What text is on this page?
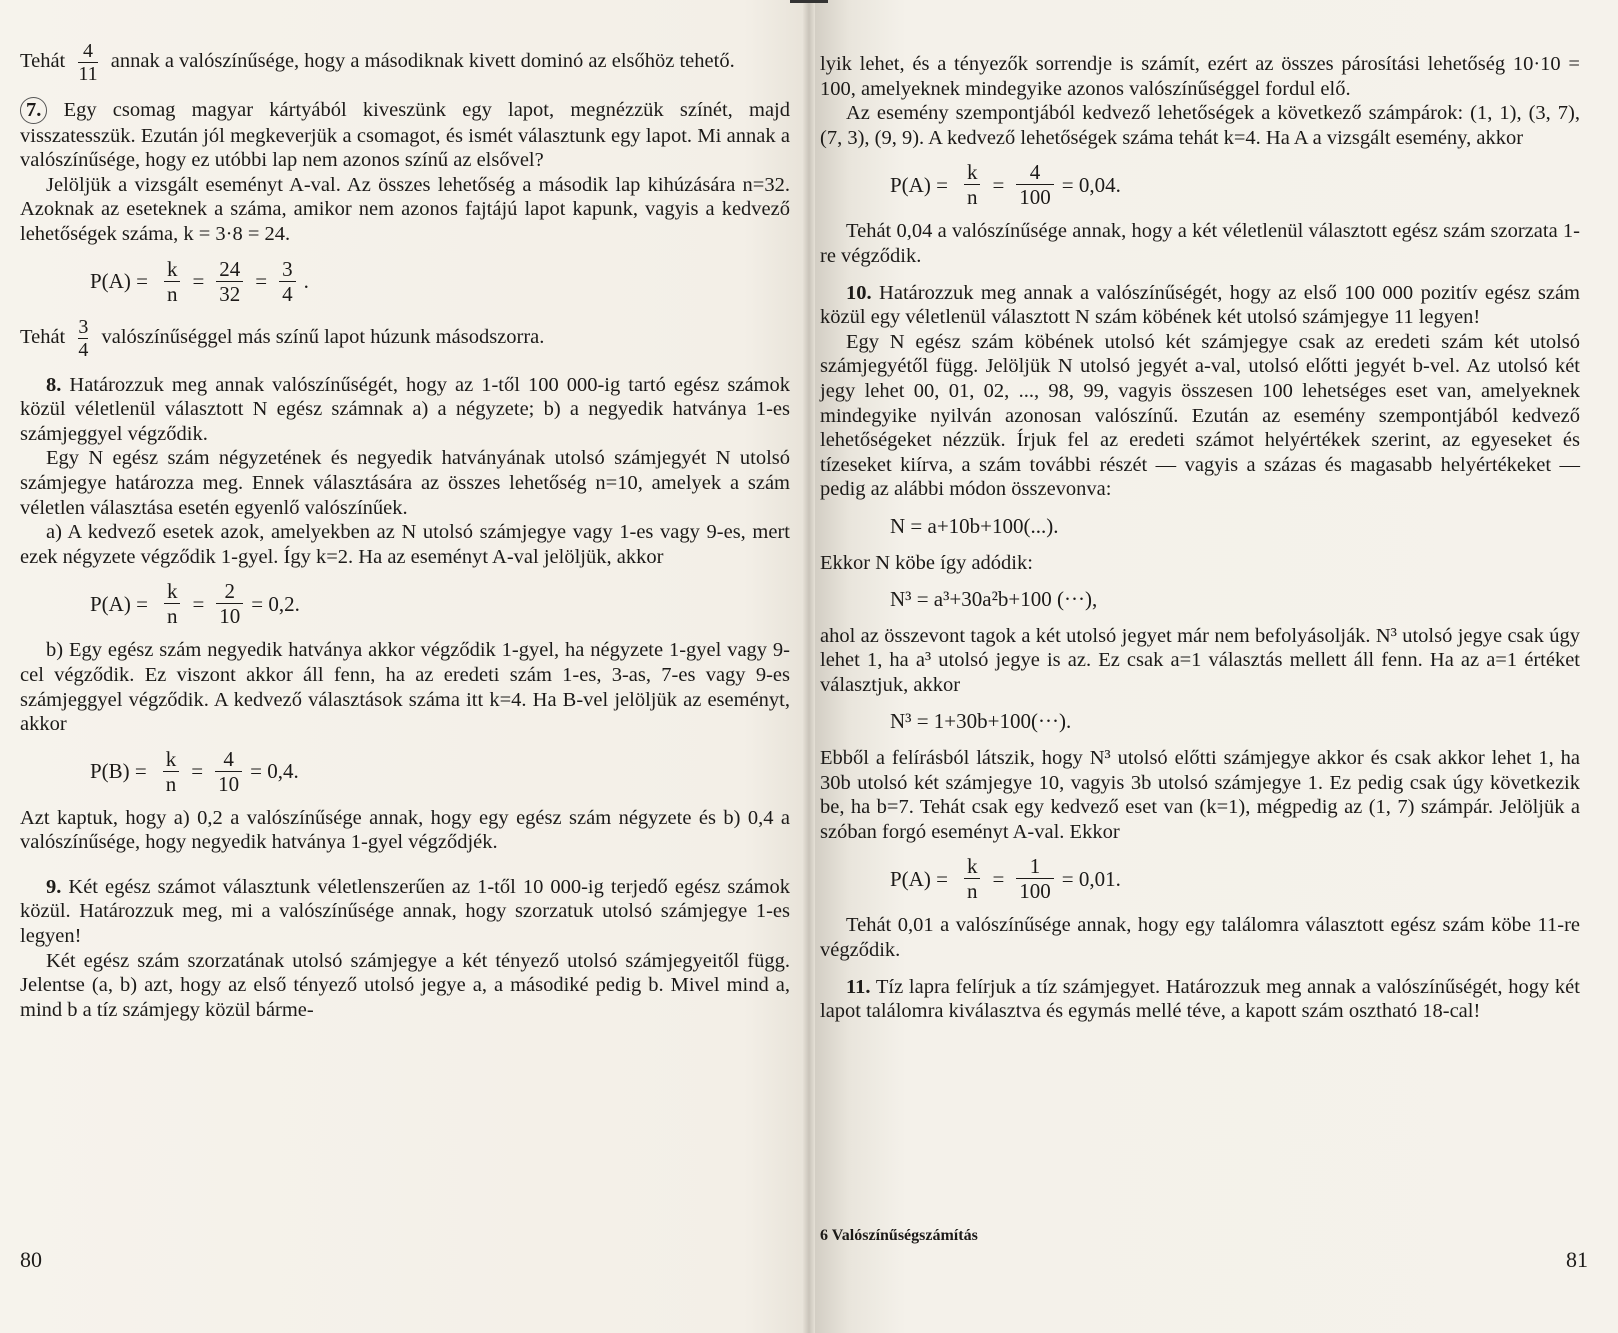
Tehát $\frac{4}{11}$ annak a valószínűsége, hogy a másodiknak kivett dominó az elsőhöz tehető.

7. Egy csomag magyar kártyából kiveszünk egy lapot, megnézzük színét, majd visszatesszük. Ezután jól megkeverjük a csomagot, és ismét választunk egy lapot. Mi annak a valószínűsége, hogy ez utóbbi lap nem azonos színű az elsővel?

Jelöljük a vizsgált eseményt A-val. Az összes lehetőség a második lap kihúzására n=32. Azoknak az eseteknek a száma, amikor nem azonos fajtájú lapot kapunk, vagyis a kedvező lehetőségek száma, k = 3·8 = 24.

$P(A) = \frac{k}{n} = \frac{24}{32} = \frac{3}{4}$ .

Tehát $\frac{3}{4}$ valószínűséggel más színű lapot húzunk másodszorra.

8. Határozzuk meg annak valószínűségét, hogy az 1-től 100 000-ig tartó egész számok közül véletlenül választott N egész számnak a) a négyzete; b) a negyedik hatványa 1-es számjeggyel végződik.

Egy N egész szám négyzetének és negyedik hatványának utolsó számjegyét N utolsó számjegye határozza meg. Ennek választására az összes lehetőség n=10, amelyek a szám véletlen választása esetén egyenlő valószínűek.

a) A kedvező esetek azok, amelyekben az N utolsó számjegye vagy 1-es vagy 9-es, mert ezek négyzete végződik 1-gyel. Így k=2. Ha az eseményt A-val jelöljük, akkor

$P(A) = \frac{k}{n} = \frac{2}{10} = 0,2$.

b) Egy egész szám negyedik hatványa akkor végződik 1-gyel, ha négyzete 1-gyel vagy 9-cel végződik. Ez viszont akkor áll fenn, ha az eredeti szám 1-es, 3-as, 7-es vagy 9-es számjeggyel végződik. A kedvező választások száma itt k=4. Ha B-vel jelöljük az eseményt, akkor

$P(B) = \frac{k}{n} = \frac{4}{10} = 0,4$.

Azt kaptuk, hogy a) 0,2 a valószínűsége annak, hogy egy egész szám négyzete és b) 0,4 a valószínűsége, hogy negyedik hatványa 1-gyel végződjék.

9. Két egész számot választunk véletlenszerűen az 1-től 10 000-ig terjedő egész számok közül. Határozzuk meg, mi a valószínűsége annak, hogy szorzatuk utolsó számjegye 1-es legyen!

Két egész szám szorzatának utolsó számjegye a két tényező utolsó számjegyeitől függ. Jelentse (a, b) azt, hogy az első tényező utolsó jegye a, a másodiké pedig b. Mivel mind a, mind b a tíz számjegy közül bárme-

80

lyik lehet, és a tényezők sorrendje is számít, ezért az összes párosítási lehetőség 10·10 = 100, amelyeknek mindegyike azonos valószínűséggel fordul elő.

Az esemény szempontjából kedvező lehetőségek a következő számpárok: (1, 1), (3, 7), (7, 3), (9, 9). A kedvező lehetőségek száma tehát k=4. Ha A a vizsgált esemény, akkor

$P(A) = \frac{k}{n} = \frac{4}{100} = 0,04$.

Tehát 0,04 a valószínűsége annak, hogy a két véletlenül választott egész szám szorzata 1-re végződik.

10. Határozzuk meg annak a valószínűségét, hogy az első 100 000 pozitív egész szám közül egy véletlenül választott N szám köbének két utolsó számjegye 11 legyen!

Egy N egész szám köbének utolsó két számjegye csak az eredeti szám két utolsó számjegyétől függ. Jelöljük N utolsó jegyét a-val, utolsó előtti jegyét b-vel. Az utolsó két jegy lehet 00, 01, 02, ..., 98, 99, vagyis összesen 100 lehetséges eset van, amelyeknek mindegyike nyilván azonosan valószínű. Ezután az esemény szempontjából kedvező lehetőségeket nézzük. Írjuk fel az eredeti számot helyértékek szerint, az egyeseket és tízeseket kiírva, a szám további részét — vagyis a százas és magasabb helyértékeket — pedig az alábbi módon összevonva:

N = a+10b+100(...).

Ekkor N köbe így adódik:

N³ = a³+30a²b+100 (···),

ahol az összevont tagok a két utolsó jegyet már nem befolyásolják. N³ utolsó jegye csak úgy lehet 1, ha a³ utolsó jegye is az. Ez csak a=1 választás mellett áll fenn. Ha az a=1 értéket választjuk, akkor

N³ = 1+30b+100(···).

Ebből a felírásból látszik, hogy N³ utolsó előtti számjegye akkor és csak akkor lehet 1, ha 30b utolsó két számjegye 10, vagyis 3b utolsó számjegye 1. Ez pedig csak úgy következik be, ha b=7. Tehát csak egy kedvező eset van (k=1), mégpedig az (1, 7) számpár. Jelöljük a szóban forgó eseményt A-val. Ekkor

$P(A) = \frac{k}{n} = \frac{1}{100} = 0,01$.

Tehát 0,01 a valószínűsége annak, hogy egy találomra választott egész szám köbe 11-re végződik.

11. Tíz lapra felírjuk a tíz számjegyet. Határozzuk meg annak a valószínűségét, hogy két lapot találomra kiválasztva és egymás mellé téve, a kapott szám osztható 18-cal!

81
6 Valószínűségszámítás
